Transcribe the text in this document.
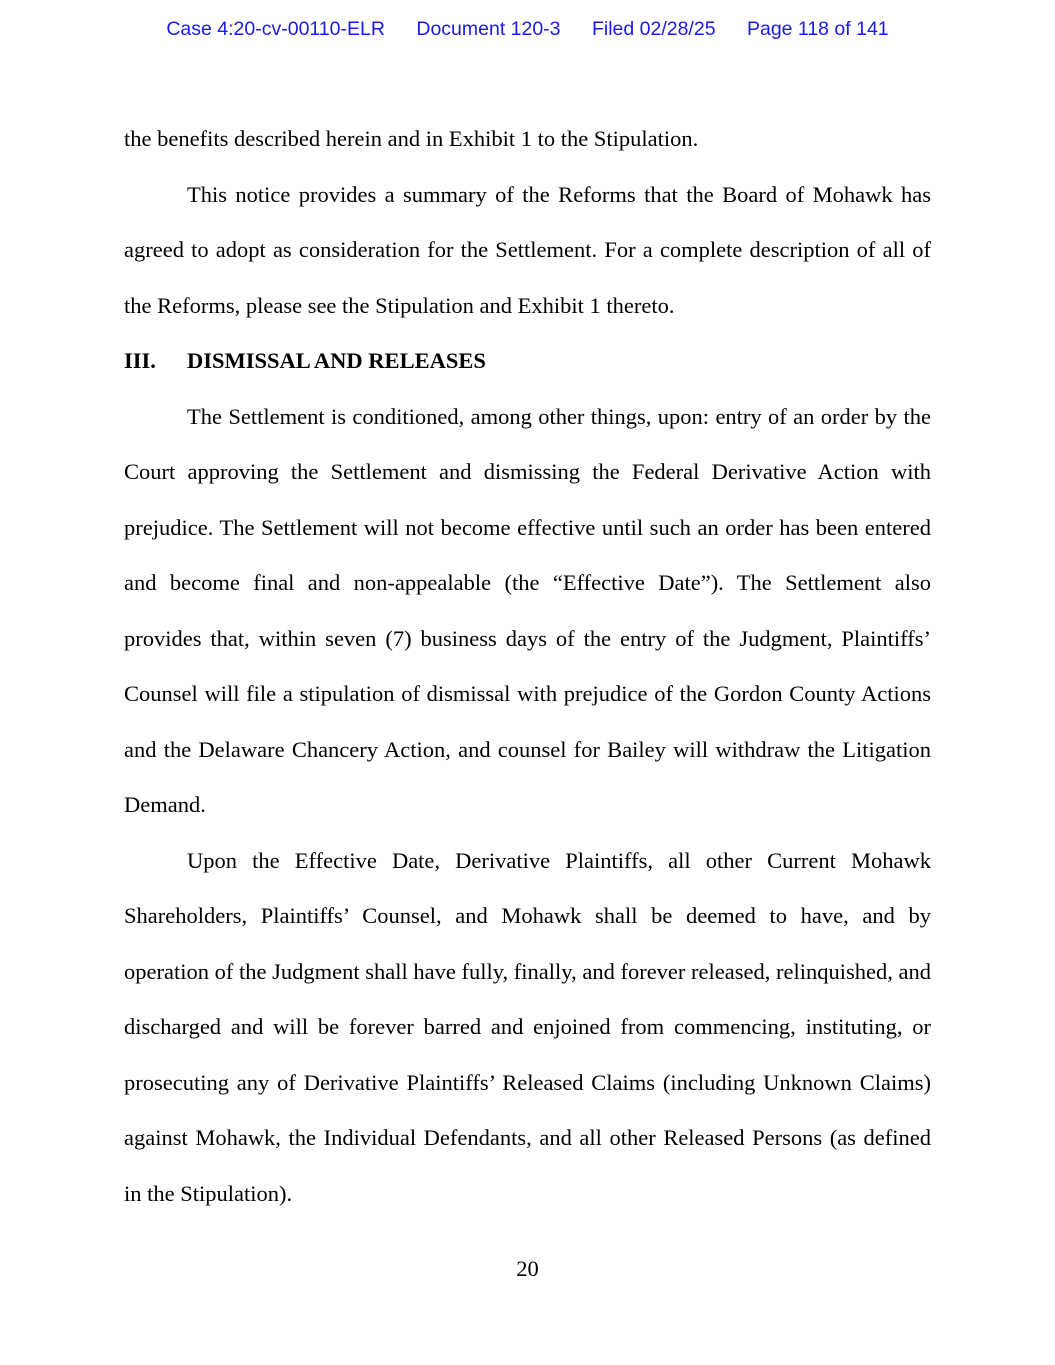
Case 4:20-cv-00110-ELR Document 120-3 Filed 02/28/25 Page 118 of 141

the benefits described herein and in Exhibit 1 to the Stipulation.

This notice provides a summary of the Reforms that the Board of Mohawk has agreed to adopt as consideration for the Settlement. For a complete description of all of the Reforms, please see the Stipulation and Exhibit 1 thereto.

III. DISMISSAL AND RELEASES

The Settlement is conditioned, among other things, upon: entry of an order by the Court approving the Settlement and dismissing the Federal Derivative Action with prejudice. The Settlement will not become effective until such an order has been entered and become final and non-appealable (the “Effective Date”). The Settlement also provides that, within seven (7) business days of the entry of the Judgment, Plaintiffs’ Counsel will file a stipulation of dismissal with prejudice of the Gordon County Actions and the Delaware Chancery Action, and counsel for Bailey will withdraw the Litigation Demand.

Upon the Effective Date, Derivative Plaintiffs, all other Current Mohawk Shareholders, Plaintiffs’ Counsel, and Mohawk shall be deemed to have, and by operation of the Judgment shall have fully, finally, and forever released, relinquished, and discharged and will be forever barred and enjoined from commencing, instituting, or prosecuting any of Derivative Plaintiffs’ Released Claims (including Unknown Claims) against Mohawk, the Individual Defendants, and all other Released Persons (as defined in the Stipulation).

20
